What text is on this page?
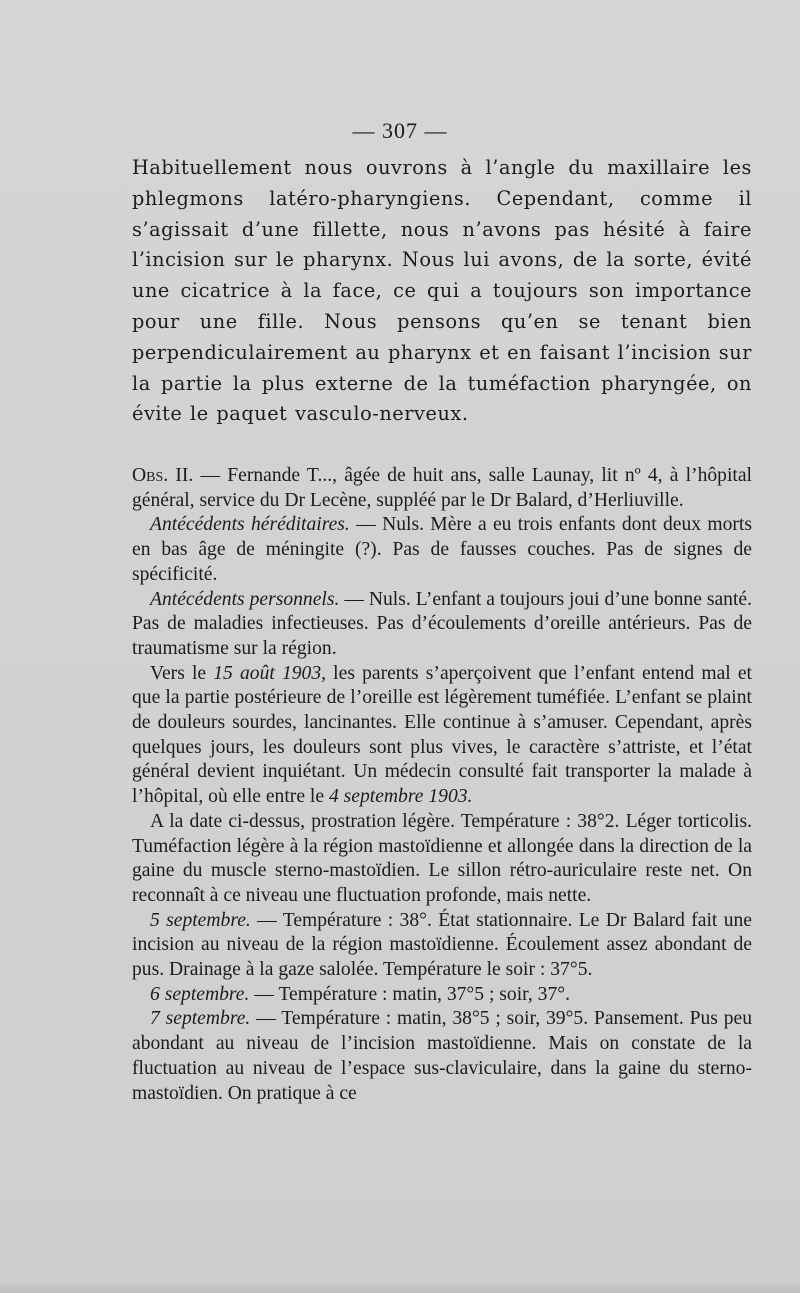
— 307 —
Habituellement nous ouvrons à l’angle du maxillaire les phlegmons latéro-pharyngiens. Cependant, comme il s’agissait d’une fillette, nous n’avons pas hésité à faire l’incision sur le pharynx. Nous lui avons, de la sorte, évité une cicatrice à la face, ce qui a toujours son importance pour une fille. Nous pensons qu’en se tenant bien perpendiculairement au pharynx et en faisant l’incision sur la partie la plus externe de la tuméfaction pharyngée, on évite le paquet vasculo-nerveux.

Obs. II. — Fernande T..., âgée de huit ans, salle Launay, lit nº 4, à l’hôpital général, service du Dr Lecène, suppléé par le Dr Balard, d’Herliuville.

Antécédents héréditaires. — Nuls. Mère a eu trois enfants dont deux morts en bas âge de méningite (?). Pas de fausses couches. Pas de signes de spécificité.

Antécédents personnels. — Nuls. L’enfant a toujours joui d’une bonne santé. Pas de maladies infectieuses. Pas d’écoulements d’oreille antérieurs. Pas de traumatisme sur la région.

Vers le 15 août 1903, les parents s’aperçoivent que l’enfant entend mal et que la partie postérieure de l’oreille est légèrement tuméfiée. L’enfant se plaint de douleurs sourdes, lancinantes. Elle continue à s’amuser. Cependant, après quelques jours, les douleurs sont plus vives, le caractère s’attriste, et l’état général devient inquiétant. Un médecin consulté fait transporter la malade à l’hôpital, où elle entre le 4 septembre 1903.

A la date ci-dessus, prostration légère. Température : 38°2. Léger torticolis. Tuméfaction légère à la région mastoïdienne et allongée dans la direction de la gaine du muscle sterno-mastoïdien. Le sillon rétro-auriculaire reste net. On reconnaît à ce niveau une fluctuation profonde, mais nette.

5 septembre. — Température : 38°. État stationnaire. Le Dr Balard fait une incision au niveau de la région mastoïdienne. Écoulement assez abondant de pus. Drainage à la gaze salolée. Température le soir : 37°5.

6 septembre. — Température : matin, 37°5 ; soir, 37°.

7 septembre. — Température : matin, 38°5 ; soir, 39°5. Pansement. Pus peu abondant au niveau de l’incision mastoïdienne. Mais on constate de la fluctuation au niveau de l’espace sus-claviculaire, dans la gaine du sterno-mastoïdien. On pratique à ce
